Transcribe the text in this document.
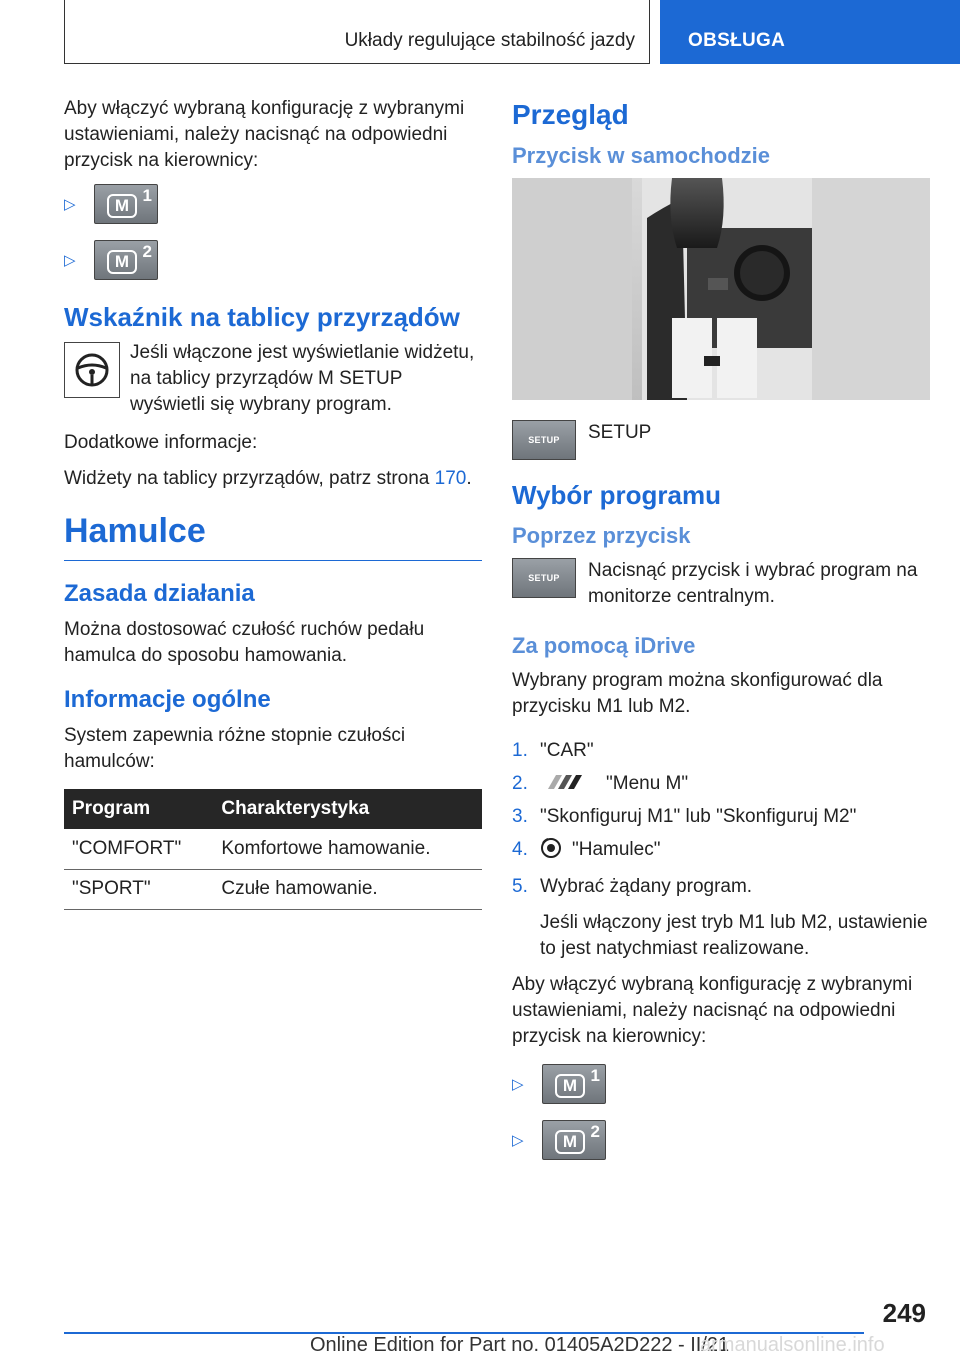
Układy regulujące stabilność jazdy	OBSŁUGA

Aby włączyć wybraną konfigurację z wybranymi ustawieniami, należy nacisnąć na odpowiedni przycisk na kierownicy:

▷	M
1
▷	M
2
Wskaźnik na tablicy przyrządów

Jeśli włączone jest wyświetlanie widżetu, na tablicy przyrządów M SETUP wyświetli się wybrany program.

Dodatkowe informacje:

Widżety na tablicy przyrządów, patrz strona 170.

Hamulce
Zasada działania

Można dostosować czułość ruchów pedału hamulca do sposobu hamowania.

Informacje ogólne

System zapewnia różne stopnie czułości hamulców:

Program	Charakterystyka
"COMFORT"	Komfortowe hamowanie.
"SPORT"	Czułe hamowanie.
Przegląd
Przycisk w samochodzie
SETUP	SETUP

Wybór programu
Poprzez przycisk
SETUP	Nacisnąć przycisk i wybrać program na monitorze centralnym.

Za pomocą iDrive

Wybrany program można skonfigurować dla przycisku M1 lub M2.

1. "CAR"
2.	"Menu M"
3. "Skonfiguruj M1" lub "Skonfiguruj M2"
4.	"Hamulec"
5. Wybrać żądany program.

Jeśli włączony jest tryb M1 lub M2, ustawienie to jest natychmiast realizowane.

Aby włączyć wybraną konfigurację z wybranymi ustawieniami, należy nacisnąć na odpowiedni przycisk na kierownicy:

▷	M
1
▷	M
2
249
Online Edition for Part no. 01405A2D222 - II/21
armanualsonline.info
